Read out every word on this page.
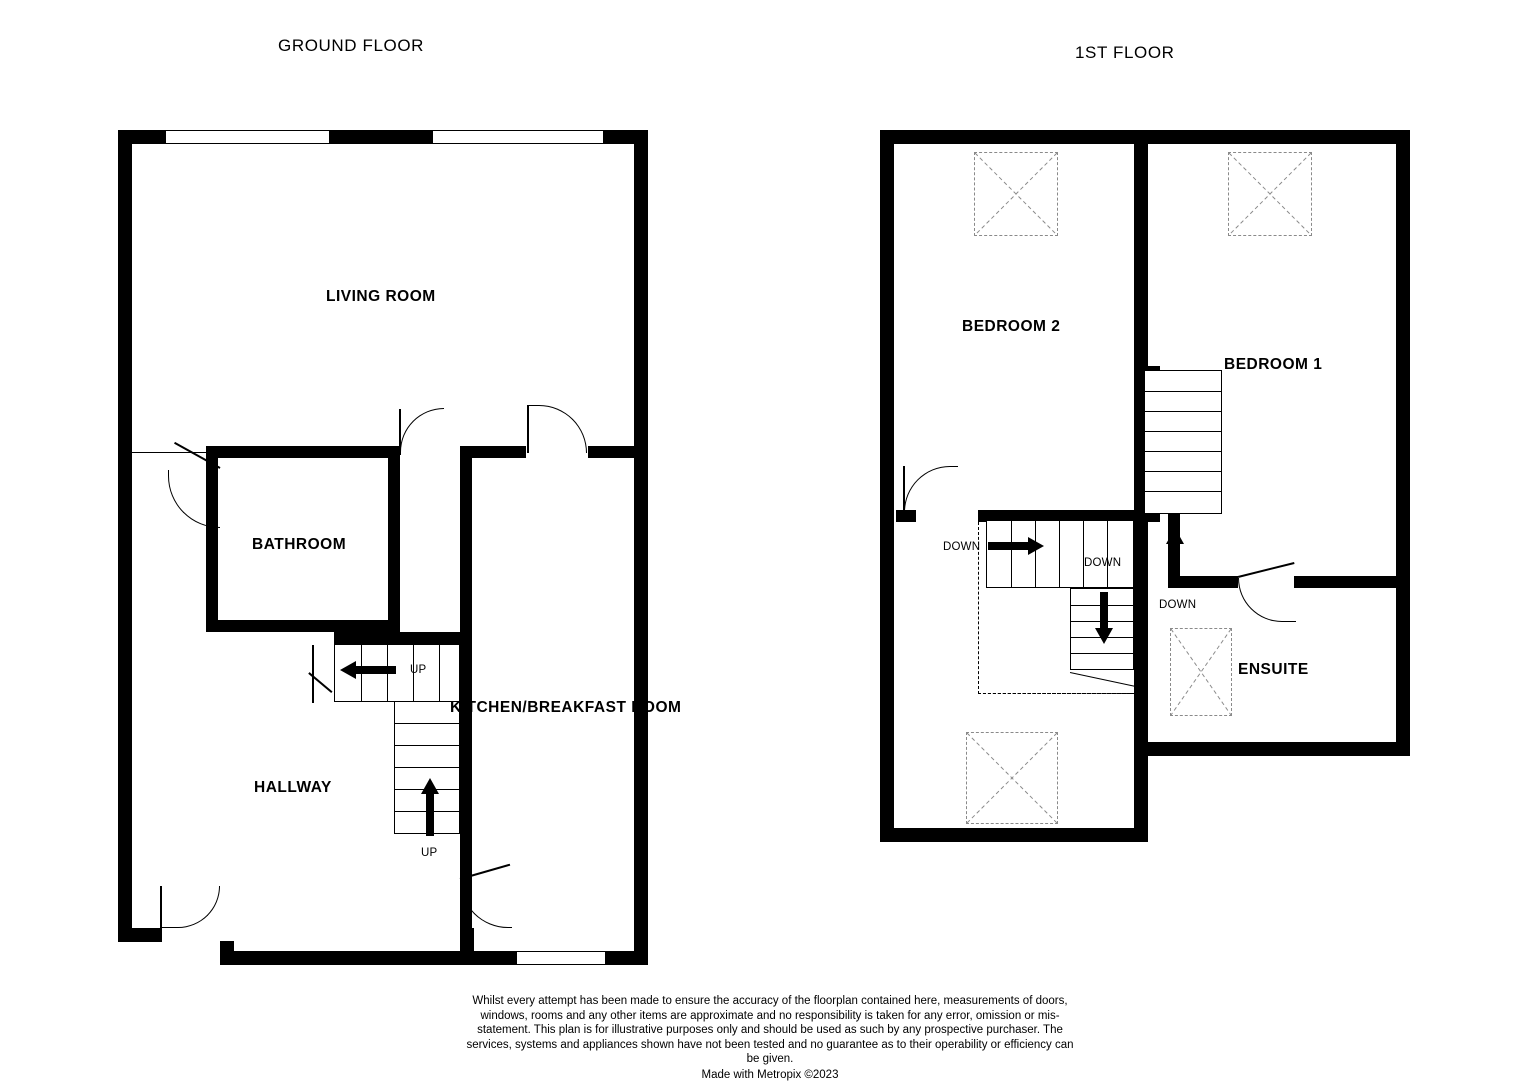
GROUND FLOOR	1ST FLOOR
LIVING ROOM
BATHROOM
KITCHEN/BREAKFAST ROOM
HALLWAY
UP
UP
BEDROOM 2
BEDROOM 1
ENSUITE
DOWN
DOWN
DOWN
Whilst every attempt has been made to ensure the accuracy of the floorplan contained here, measurements of doors, windows, rooms and any other items are approximate and no responsibility is taken for any error, omission or mis-statement. This plan is for illustrative purposes only and should be used as such by any prospective purchaser. The services, systems and appliances shown have not been tested and no guarantee as to their operability or efficiency can be given.
Made with Metropix ©2023
